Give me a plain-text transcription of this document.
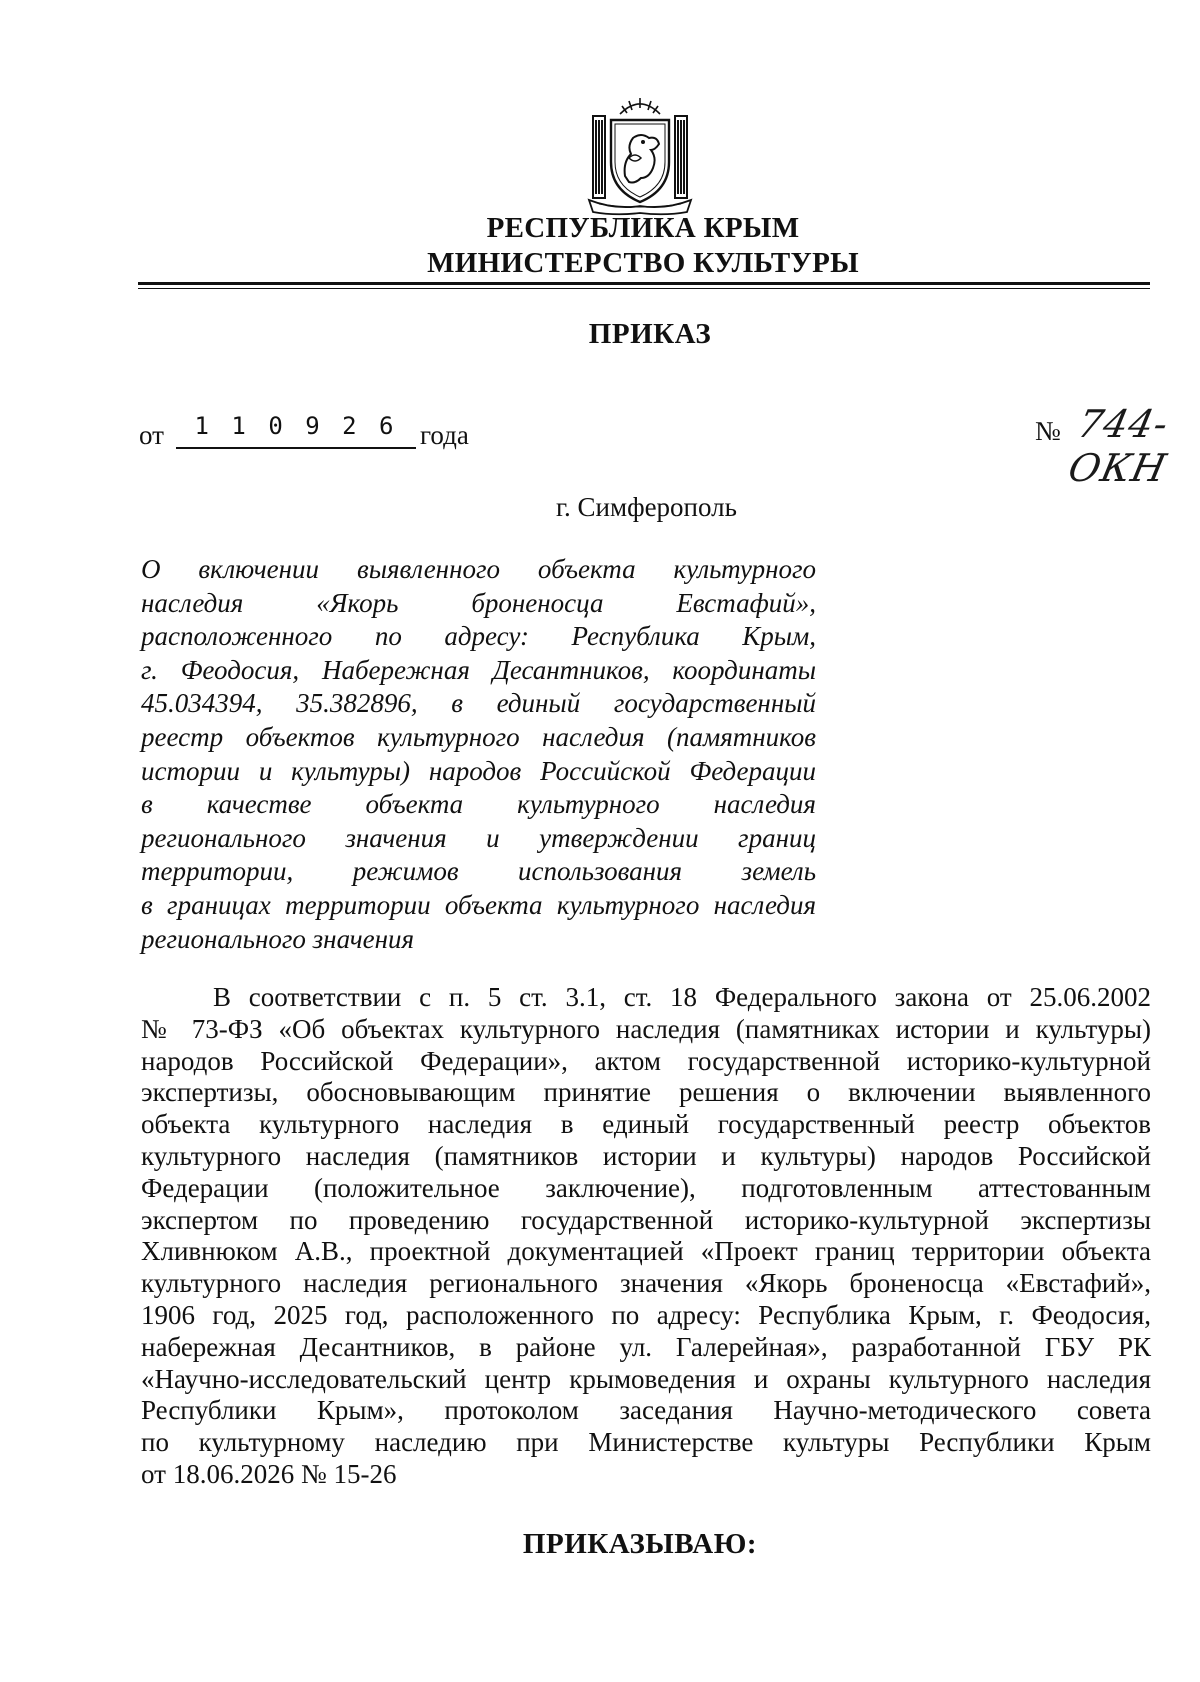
РЕСПУБЛИКА КРЫМ
МИНИСТЕРСТВО КУЛЬТУРЫ
ПРИКАЗ
от	1 1 0 9 2 6 года	№ 744-ОКН
г. Симферополь
О включении выявленного объекта культурного
наследия «Якорь броненосца Евстафий»,
расположенного по адресу: Республика Крым,
г. Феодосия, Набережная Десантников, координаты
45.034394, 35.382896, в единый государственный
реестр объектов культурного наследия (памятников
истории и культуры) народов Российской Федерации
в качестве объекта культурного наследия
регионального значения и утверждении границ
территории, режимов использования земель
в границах территории объекта культурного наследия
регионального значения
В соответствии с п. 5 ст. 3.1, ст. 18 Федерального закона от 25.06.2002
№ 73-ФЗ «Об объектах культурного наследия (памятниках истории и культуры)
народов Российской Федерации», актом государственной историко-культурной
экспертизы, обосновывающим принятие решения о включении выявленного
объекта культурного наследия в единый государственный реестр объектов
культурного наследия (памятников истории и культуры) народов Российской
Федерации (положительное заключение), подготовленным аттестованным
экспертом по проведению государственной историко-культурной экспертизы
Хливнюком А.В., проектной документацией «Проект границ территории объекта
культурного наследия регионального значения «Якорь броненосца «Евстафий»,
1906 год, 2025 год, расположенного по адресу: Республика Крым, г. Феодосия,
набережная Десантников, в районе ул. Галерейная», разработанной ГБУ РК
«Научно-исследовательский центр крымоведения и охраны культурного наследия
Республики Крым», протоколом заседания Научно-методического совета
по культурному наследию при Министерстве культуры Республики Крым
от 18.06.2026 № 15-26
ПРИКАЗЫВАЮ:
